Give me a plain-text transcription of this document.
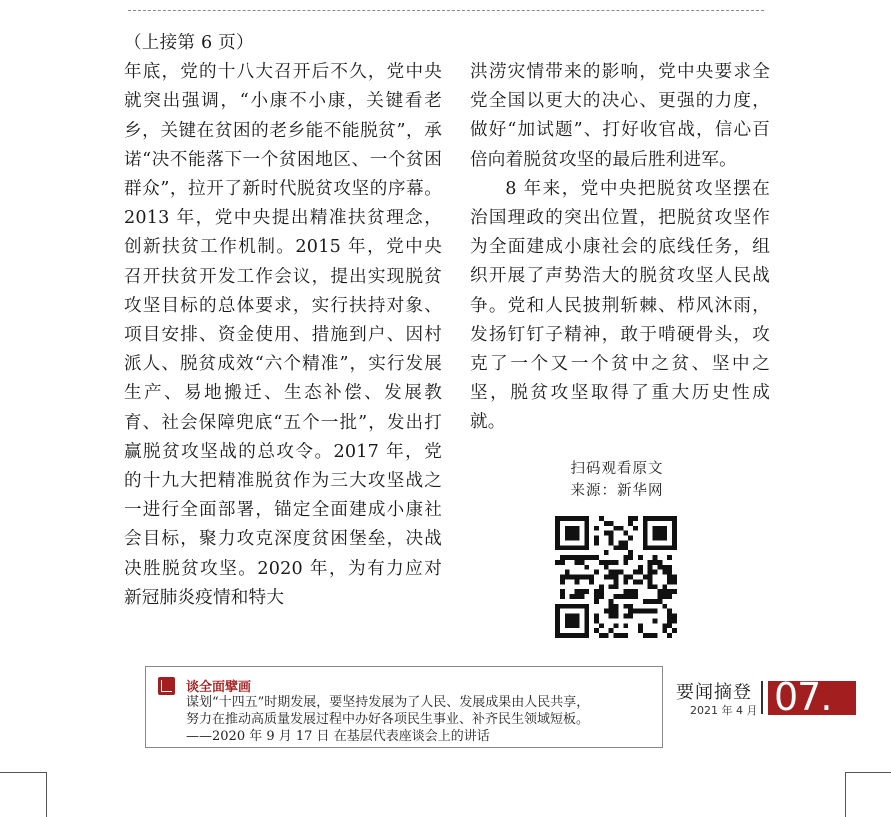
（上接第 6 页）

年底，党的十八大召开后不久，党中央就突出强调，“小康不小康，关键看老乡，关键在贫困的老乡能不能脱贫”，承诺“决不能落下一个贫困地区、一个贫困群众”，拉开了新时代脱贫攻坚的序幕。2013 年，党中央提出精准扶贫理念，创新扶贫工作机制。2015 年，党中央召开扶贫开发工作会议，提出实现脱贫攻坚目标的总体要求，实行扶持对象、项目安排、资金使用、措施到户、因村派人、脱贫成效“六个精准”，实行发展生产、易地搬迁、生态补偿、发展教育、社会保障兜底“五个一批”，发出打赢脱贫攻坚战的总攻令。2017 年，党的十九大把精准脱贫作为三大攻坚战之一进行全面部署，锚定全面建成小康社会目标，聚力攻克深度贫困堡垒，决战决胜脱贫攻坚。2020 年，为有力应对新冠肺炎疫情和特大

洪涝灾情带来的影响，党中央要求全党全国以更大的决心、更强的力度，做好“加试题”、打好收官战，信心百倍向着脱贫攻坚的最后胜利进军。

8 年来，党中央把脱贫攻坚摆在治国理政的突出位置，把脱贫攻坚作为全面建成小康社会的底线任务，组织开展了声势浩大的脱贫攻坚人民战争。党和人民披荆斩棘、栉风沐雨，发扬钉钉子精神，敢于啃硬骨头，攻克了一个又一个贫中之贫、坚中之坚，脱贫攻坚取得了重大历史性成就。

扫码观看原文
来源：新华网
谈全面擘画
谋划“十四五”时期发展，要坚持发展为了人民、发展成果由人民共享，
努力在推动高质量发展过程中办好各项民生事业、补齐民生领域短板。
——2020 年 9 月 17 日 在基层代表座谈会上的讲话
要闻摘登
2021 年 4 月 07.
